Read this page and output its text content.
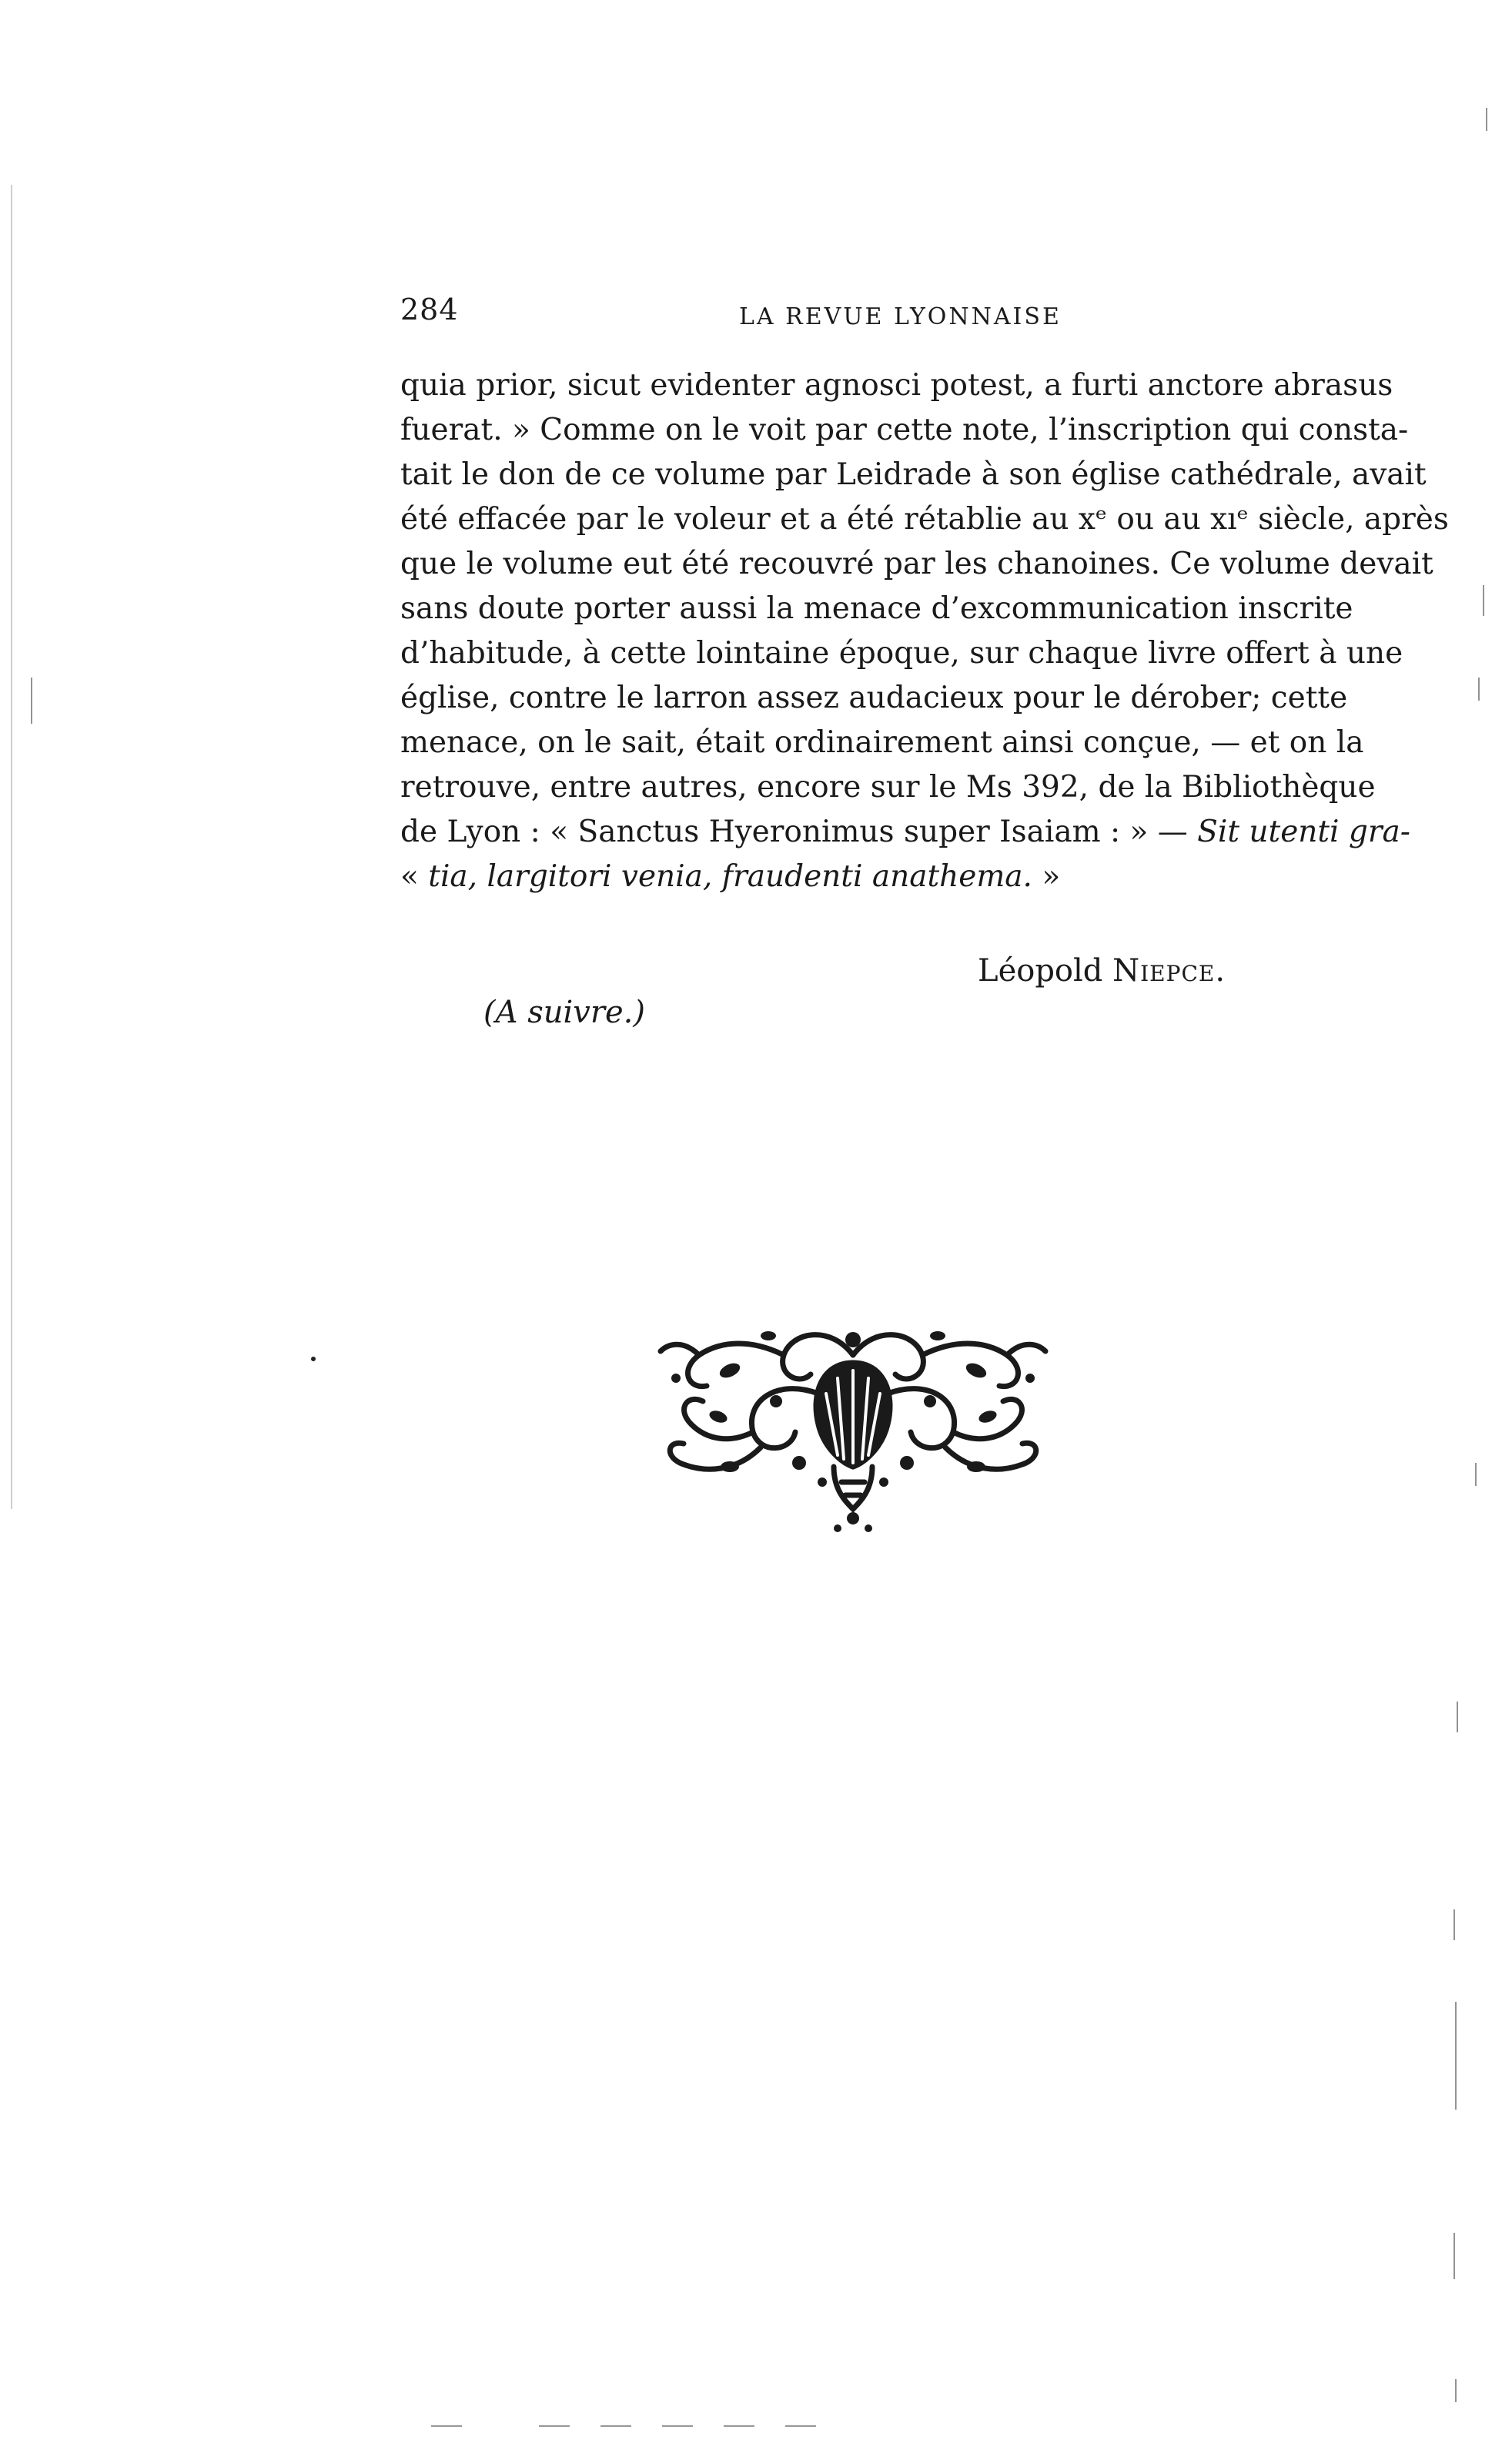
284	LA REVUE LYONNAISE
quia prior, sicut evidenter agnosci potest, a furti anctore abrasus
fuerat. » Comme on le voit par cette note, l’inscription qui consta-
tait le don de ce volume par Leidrade à son église cathédrale, avait
été effacée par le voleur et a été rétablie au xᵉ ou au xıᵉ siècle, après
que le volume eut été recouvré par les chanoines. Ce volume devait
sans doute porter aussi la menace d’excommunication inscrite
d’habitude, à cette lointaine époque, sur chaque livre offert à une
église, contre le larron assez audacieux pour le dérober; cette
menace, on le sait, était ordinairement ainsi conçue, — et on la
retrouve, entre autres, encore sur le Ms 392, de la Bibliothèque
de Lyon : « Sanctus Hyeronimus super Isaiam : » — Sit utenti gra-
« tia, largitori venia, fraudenti anathema. »
Léopold Niepce.
(A suivre.)
